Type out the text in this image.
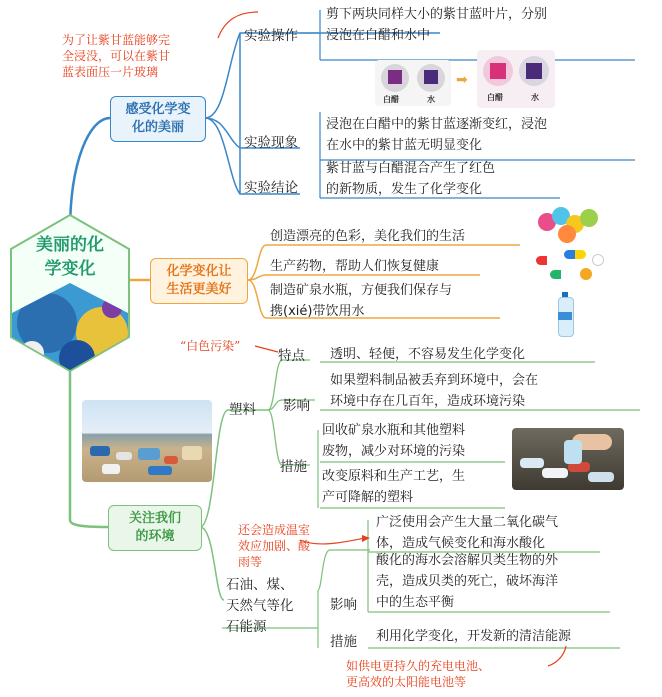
美丽的化
学变化
感受化学变
化的美丽
化学变化让
生活更美好
关注我们
的环境
实验操作
剪下两块同样大小的紫甘蓝叶片，分别
浸泡在白醋和水中
为了让紫甘蓝能够完
全浸没，可以在紫甘
蓝表面压一片玻璃
白醋	水
➡
白醋	水
实验现象
浸泡在白醋中的紫甘蓝逐渐变红，浸泡
在水中的紫甘蓝无明显变化
实验结论
紫甘蓝与白醋混合产生了红色
的新物质，发生了化学变化
创造漂亮的色彩，美化我们的生活
生产药物，帮助人们恢复健康
制造矿泉水瓶，方便我们保存与
携(xié)带饮用水
“白色污染”
塑料
特点 透明、轻便，不容易发生化学变化
影响
如果塑料制品被丢弃到环境中，会在
环境中存在几百年，造成环境污染
措施
回收矿泉水瓶和其他塑料
废物，减少对环境的污染
改变原料和生产工艺，生
产可降解的塑料
还会造成温室
效应加剧、酸
雨等
石油、煤、
天然气等化
石能源
广泛使用会产生大量二氧化碳气
体，造成气候变化和海水酸化
影响
酸化的海水会溶解贝类生物的外
壳，造成贝类的死亡，破坏海洋
中的生态平衡
措施 利用化学变化，开发新的清洁能源
如供电更持久的充电电池、
更高效的太阳能电池等
